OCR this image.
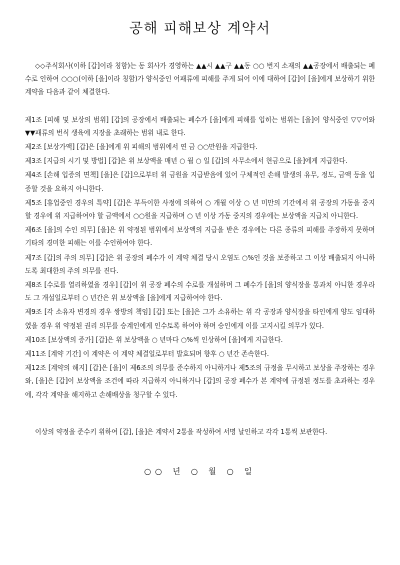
공해 피해보상 계약서

◇◇주식회사(이하 [갑]이라 칭함)는 동 회사가 경영하는 ▲▲시 ▲▲구 ▲▲동 ○○ 번지 소재의 ▲▲공장에서 배출되는 폐수로 인하여 ○○○(이하 [을]이라 칭함)가 양식중인 어패류에 피해를 주게 되어 이에 대하여 [갑]이 [을]에게 보상하기 위한 계약을 다음과 같이 체결한다.

제1조 [피해 및 보상의 범위] [갑]의 공장에서 배출되는 폐수가 [을]에게 피해를 입히는 범위는 [을]이 양식중인 ▽▽어와 ▼▼패류의 번식 생육에 지장을 초래하는 범위 내로 한다.

제2조 [보상가액] [갑]은 [을]에게 위 피해의 범위에서 연 금 ○○만원을 지급한다.

제3조 [지급의 시기 및 방법] [갑]은 위 보상액을 매년 ○ 월 ○ 일 [갑]의 사무소에서 현금으로 [을]에게 지급한다.

제4조 [손해 입증의 면책] [을]은 [갑]으로부터 위 금원을 지급받음에 있어 구체적인 손해 발생의 유무, 정도, 금액 등을 입증할 것을 요하지 아니한다.

제5조 [휴업중인 경우의 특약] [갑]은 부득이한 사정에 의하여 ○ 개월 이상 ○ 년 미만의 기간에서 위 공장의 가동을 중지할 경우에 위 지급하여야 할 금액에서 ○○원을 지급하며 ○ 년 이상 가동 중지의 경우에는 보상액을 지급치 아니한다.

제6조 [을]의 수인 의무] [을]은 위 약정된 범위에서 보상액의 지급을 받은 경우에는 다른 종류의 피해를 주장하지 못하며 기타의 경미한 피해는 이를 수인하여야 한다.

제7조 [갑]의 주의 의무] [갑]은 위 공장의 폐수가 이 계약 체결 당시 오염도 ○%인 것을 보증하고 그 이상 배출되지 아니하도록 최대한의 주의 의무를 진다.

제8조 [수로를 열리하였을 경우] [갑]이 위 공장 폐수의 수로를 개설하며 그 폐수가 [을]의 양식장을 통과치 아니한 경우라도 그 개설일로부터 ○ 년간은 위 보상액을 [을]에게 지급하여야 한다.

제9조 [각 소유자 변경의 경우 쌍방의 책임] [갑] 또는 [을]은 그가 소유하는 위 각 공장과 양식장을 타인에게 양도 임대하였을 경우 위 약정된 권리 의무를 승계인에게 인수토록 하여야 하며 승인에게 이를 고지시킬 의무가 있다.

제10조 [보상액의 증가] [갑]은 위 보상액을 ○ 년마다 ○%씩 인상하여 [을]에게 지급한다.

제11조 [계약 기간] 이 계약은 이 계약 체결일로부터 발효되며 향후 ○ 년간 존속한다.

제12조 [계약의 해지] [갑]은 [을]이 제6조의 의무를 준수하지 아니하거나 제5조의 규정을 무시하고 보상을 주장하는 경우와, [을]은 [갑]이 보상액을 조건에 따라 지급하지 아니하거나 [갑]의 공장 폐수가 본 계약에 규정된 정도를 초과하는 경우에, 각각 계약을 해지하고 손해배상을 청구할 수 있다.

이상의 약정을 준수키 위하여 [갑], [을]은 계약서 2통을 작성하여 서명 날인하고 각각 1통씩 보관한다.

○○ 년 ○ 월 ○ 일
